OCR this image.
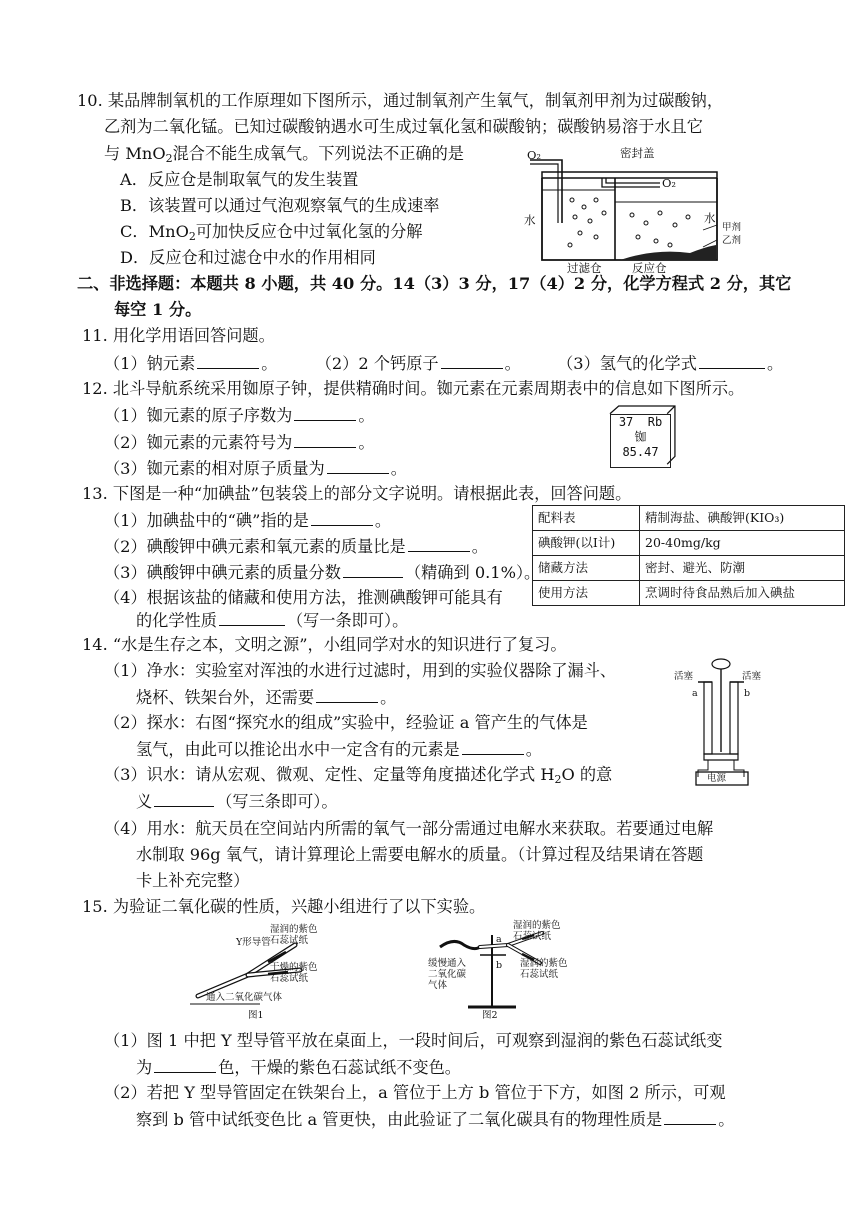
10. 某品牌制氧机的工作原理如下图所示，通过制氧剂产生氧气，制氧剂甲剂为过碳酸钠，
乙剂为二氧化锰。已知过碳酸钠遇水可生成过氧化氢和碳酸钠；碳酸钠易溶于水且它
与 MnO$_2$混合不能生成氧气。下列说法不正确的是
A．反应仓是制取氧气的发生装置
B．该装置可以通过气泡观察氧气的生成速率
C．MnO$_2$可加快反应仓中过氧化氢的分解
D．反应仓和过滤仓中水的作用相同
O₂	密封盖
O₂
水	水
甲剂
乙剂
过滤仓	反应仓
二、非选择题：本题共 8 小题，共 40 分。14（3）3 分，17（4）2 分，化学方程式 2 分，其它
每空 1 分。
11. 用化学用语回答问题。
（1）钠元素	。 （2）2 个钙原子	。 （3）氢气的化学式	。
12. 北斗导航系统采用铷原子钟，提供精确时间。铷元素在元素周期表中的信息如下图所示。
（1）铷元素的原子序数为	。
（2）铷元素的元素符号为	。
（3）铷元素的相对原子质量为	。
37 Rb
铷
85.47
13. 下图是一种“加碘盐”包装袋上的部分文字说明。请根据此表，回答问题。
（1）加碘盐中的“碘”指的是	。
（2）碘酸钾中碘元素和氧元素的质量比是	。
（3）碘酸钾中碘元素的质量分数	（精确到 0.1%）。
（4）根据该盐的储藏和使用方法，推测碘酸钾可能具有
的化学性质	（写一条即可）。
配料表	精制海盐、碘酸钾(KIO₃)
碘酸钾(以I计)	20-40mg/kg
储藏方法	密封、避光、防潮
使用方法	烹调时待食品熟后加入碘盐
14. “水是生存之本，文明之源”，小组同学对水的知识进行了复习。
（1）净水：实验室对浑浊的水进行过滤时，用到的实验仪器除了漏斗、
烧杯、铁架台外，还需要	。
（2）探水：右图“探究水的组成”实验中，经验证 a 管产生的气体是
氢气，由此可以推论出水中一定含有的元素是	。
（3）识水：请从宏观、微观、定性、定量等角度描述化学式 $H_2O$ 的意
义	（写三条即可）。
（4）用水：航天员在空间站内所需的氧气一部分需通过电解水来获取。若要通过电解
水制取 96g 氧气，请计算理论上需要电解水的质量。（计算过程及结果请在答题
卡上补充完整）
活塞	活塞
a	b
电源
15. 为验证二氧化碳的性质，兴趣小组进行了以下实验。
Y形导管
湿润的紫色石蕊试纸
干燥的紫色石蕊试纸
通入二氧化碳气体
图1
湿润的紫色石蕊试纸
湿润的紫色石蕊试纸
缓慢通入二氧化碳气体
a
b
图2
（1）图 1 中把 Y 型导管平放在桌面上，一段时间后，可观察到湿润的紫色石蕊试纸变
为	色，干燥的紫色石蕊试纸不变色。
（2）若把 Y 型导管固定在铁架台上，a 管位于上方 b 管位于下方，如图 2 所示，可观
察到 b 管中试纸变色比 a 管更快，由此验证了二氧化碳具有的物理性质是	。
